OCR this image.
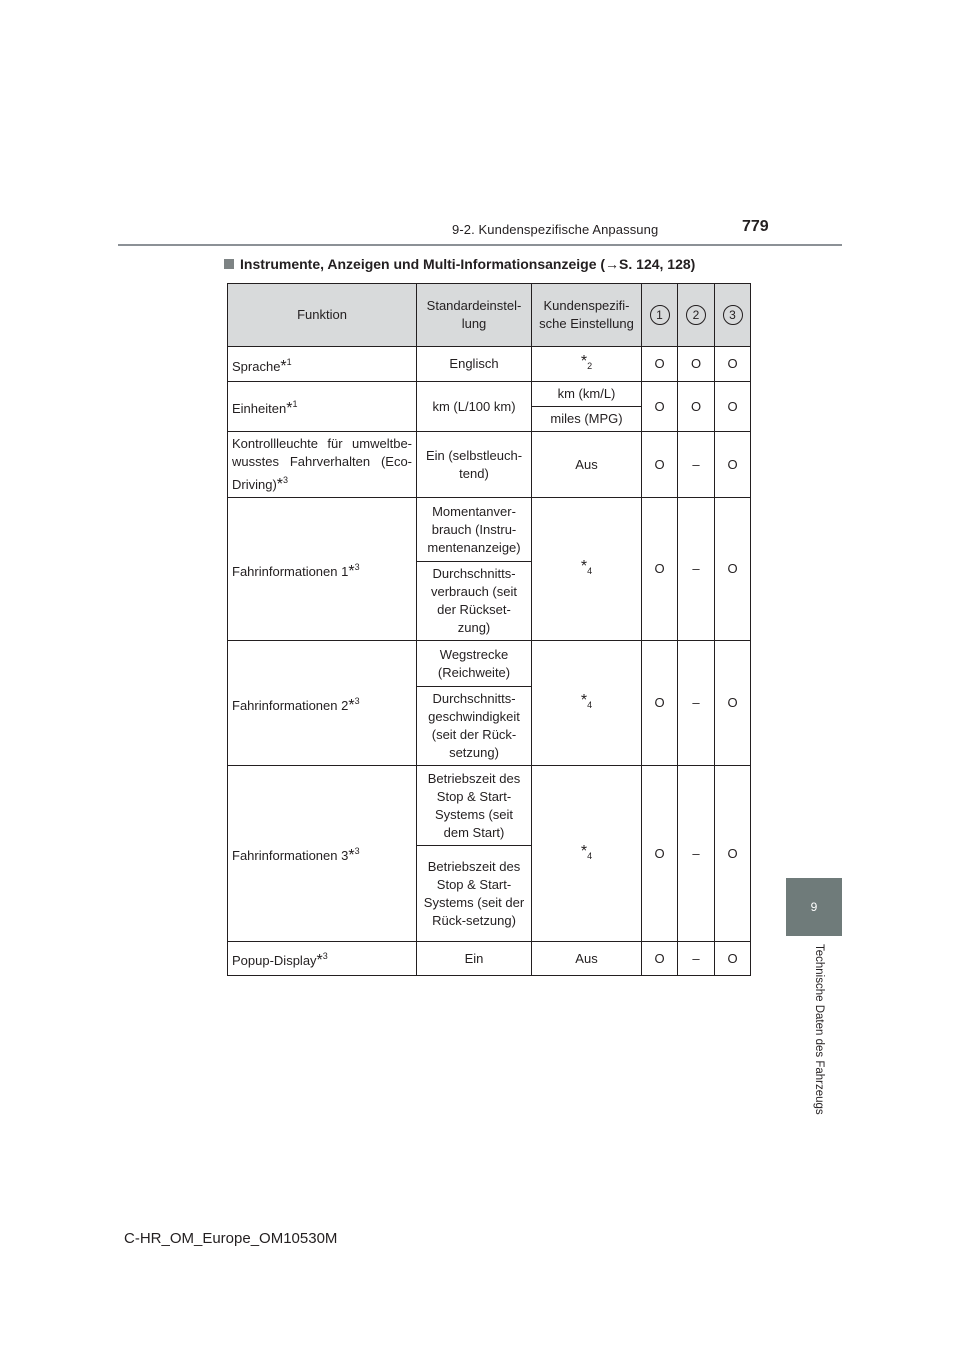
9-2. Kundenspezifische Anpassung	779
Instrumente, Anzeigen und Multi-Informationsanzeige (→S. 124, 128)
Funktion	Standardeinstel-lung	Kundenspezifi-sche Einstellung	1	2	3
Sprache*$^1$	Englisch	$*_2$	O	O	O
Einheiten*$^1$	km (L/100 km)	km (km/L)	O	O	O
		miles (MPG)			
Kontrollleuchte für umweltbe-wusstes Fahrverhalten (Eco-Driving)*$^3$	Ein (selbstleuch-tend)	Aus	O	–	O
Fahrinformationen 1*$^3$	Momentanver-brauch (Instru-mentenanzeige)	$*_4$	O	–	O
	Durchschnitts-verbrauch (seit der Rückset-zung)				
Fahrinformationen 2*$^3$	Wegstrecke (Reichweite)	$*_4$	O	–	O
	Durchschnitts-geschwindigkeit (seit der Rück-setzung)				
Fahrinformationen 3*$^3$	Betriebszeit des Stop & Start-Systems (seit dem Start)	$*_4$	O	–	O
	Betriebszeit des Stop & Start-Systems (seit der Rück-setzung)				
Popup-Display*$^3$	Ein	Aus	O	–	O
9
Technische Daten des Fahrzeugs
C-HR_OM_Europe_OM10530M
